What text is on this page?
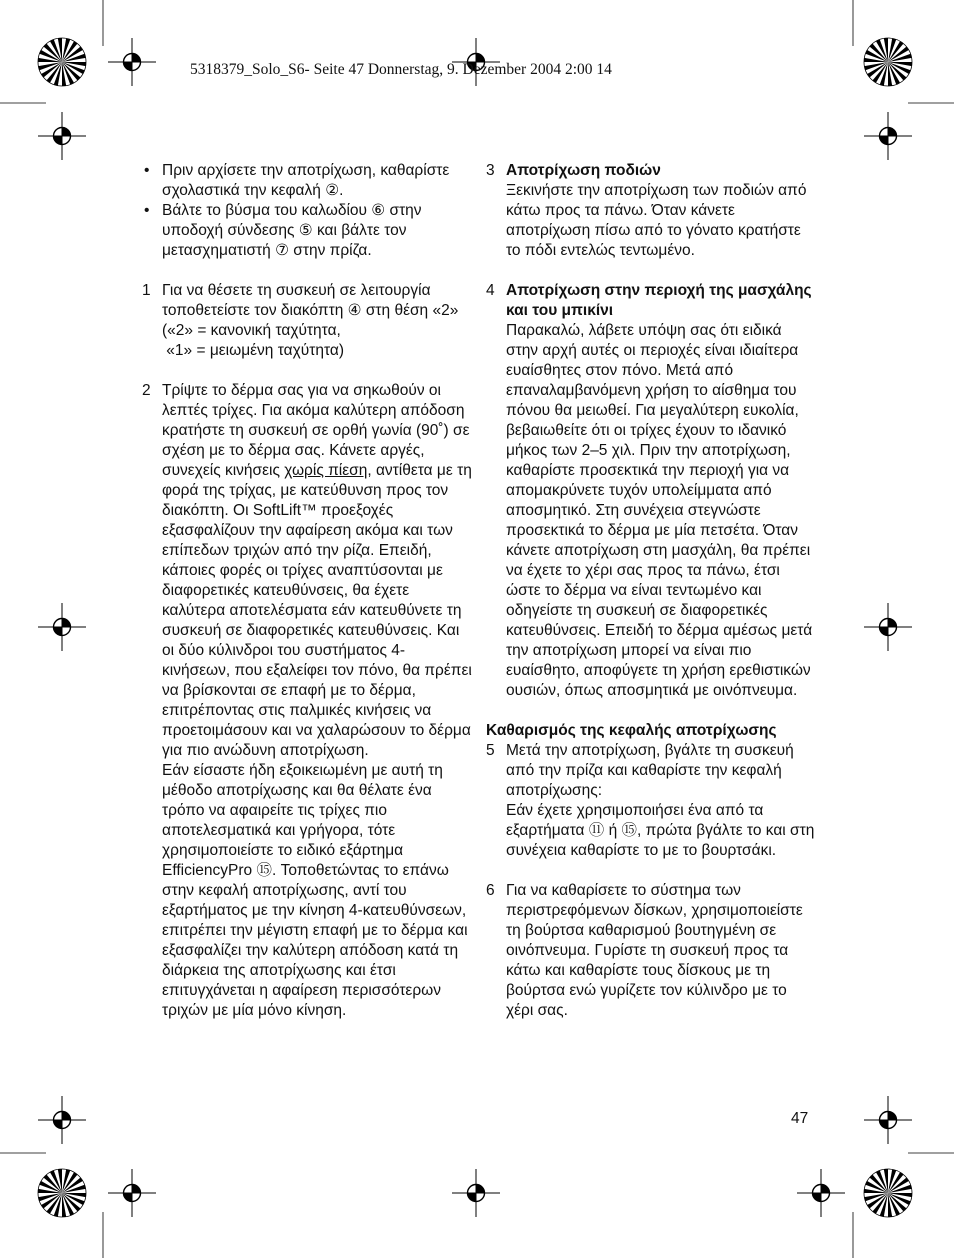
5318379_Solo_S6- Seite 47 Donnerstag, 9. Dezember 2004 2:00 14
• Πριν αρχίσετε την αποτρίχωση, καθαρίστε σχολαστικά την κεφαλή ②.
• Βάλτε το βύσμα του καλωδίου ⑥ στην υποδοχή σύνδεσης ⑤ και βάλτε τον μετασχηματιστή ⑦ στην πρίζα.
1 Για να θέσετε τη συσκευή σε λειτουργία τοποθετείστε τον διακόπτη ④ στη θέση «2»
(«2» = κανονική ταχύτητα,
«1» = μειωμένη ταχύτητα)
2 Τρίψτε το δέρμα σας για να σηκωθούν οι λεπτές τρίχες. Για ακόμα καλύτερη απόδοση κρατήστε τη συσκευή σε ορθή γωνία (90˚) σε σχέση με το δέρμα σας. Κάνετε αργές, συνεχείς κινήσεις χωρίς πίεση, αντίθετα με τη φορά της τρίχας, με κατεύθυνση προς τον διακόπτη. Οι SoftLift™ προεξοχές εξασφαλίζουν την αφαίρεση ακόμα και των επίπεδων τριχών από την ρίζα. Επειδή, κάποιες φορές οι τρίχες αναπτύσονται με διαφορετικές κατευθύνσεις, θα έχετε καλύτερα αποτελέσματα εάν κατευθύνετε τη συσκευή σε διαφορετικές κατευθύνσεις. Και οι δύο κύλινδροι του συστήματος 4-κινήσεων, που εξαλείφει τον πόνο, θα πρέπει να βρίσκονται σε επαφή με το δέρμα, επιτρέποντας στις παλμικές κινήσεις να προετοιμάσουν και να χαλαρώσουν το δέρμα για πιο ανώδυνη αποτρίχωση.
Εάν είσαστε ήδη εξοικειωμένη με αυτή τη μέθοδο αποτρίχωσης και θα θέλατε ένα τρόπο να αφαιρείτε τις τρίχες πιο αποτελεσματικά και γρήγορα, τότε χρησιμοποιείστε το ειδικό εξάρτημα EfficiencyPro ⑮. Τοποθετώντας το επάνω στην κεφαλή αποτρίχωσης, αντί του εξαρτήματος με την κίνηση 4-κατευθύνσεων, επιτρέπει την μέγιστη επαφή με το δέρμα και εξασφαλίζει την καλύτερη απόδοση κατά τη διάρκεια της αποτρίχωσης και έτσι επιτυγχάνεται η αφαίρεση περισσότερων τριχών με μία μόνο κίνηση.
3 Αποτρίχωση ποδιών
Ξεκινήστε την αποτρίχωση των ποδιών από κάτω προς τα πάνω. Όταν κάνετε αποτρίχωση πίσω από το γόνατο κρατήστε το πόδι εντελώς τεντωμένο.
4 Αποτρίχωση στην περιοχή της μασχάλης και του μπικίνι
Παρακαλώ, λάβετε υπόψη σας ότι ειδικά στην αρχή αυτές οι περιοχές είναι ιδιαίτερα ευαίσθητες στον πόνο. Μετά από επαναλαμβανόμενη χρήση το αίσθημα του πόνου θα μειωθεί. Για μεγαλύτερη ευκολία, βεβαιωθείτε ότι οι τρίχες έχουν το ιδανικό μήκος των 2–5 χιλ. Πριν την αποτρίχωση, καθαρίστε προσεκτικά την περιοχή για να απομακρύνετε τυχόν υπολείμματα από αποσμητικό. Στη συνέχεια στεγνώστε προσεκτικά το δέρμα με μία πετσέτα. Όταν κάνετε αποτρίχωση στη μασχάλη, θα πρέπει να έχετε το χέρι σας προς τα πάνω, έτσι ώστε το δέρμα να είναι τεντωμένο και οδηγείστε τη συσκευή σε διαφορετικές κατευθύνσεις. Επειδή το δέρμα αμέσως μετά την αποτρίχωση μπορεί να είναι πιο ευαίσθητο, αποφύγετε τη χρήση ερεθιστικών ουσιών, όπως αποσμητικά με οινόπνευμα.
Καθαρισμός της κεφαλής αποτρίχωσης
5 Μετά την αποτρίχωση, βγάλτε τη συσκευή από την πρίζα και καθαρίστε την κεφαλή αποτρίχωσης:
Εάν έχετε χρησιμοποιήσει ένα από τα εξαρτήματα ⑪ ή ⑮, πρώτα βγάλτε το και στη συνέχεια καθαρίστε το με το βουρτσάκι.
6 Για να καθαρίσετε το σύστημα των περιστρεφόμενων δίσκων, χρησιμοποιείστε τη βούρτσα καθαρισμού βουτηγμένη σε οινόπνευμα. Γυρίστε τη συσκευή προς τα κάτω και καθαρίστε τους δίσκους με τη βούρτσα ενώ γυρίζετε τον κύλινδρο με το χέρι σας.
47
